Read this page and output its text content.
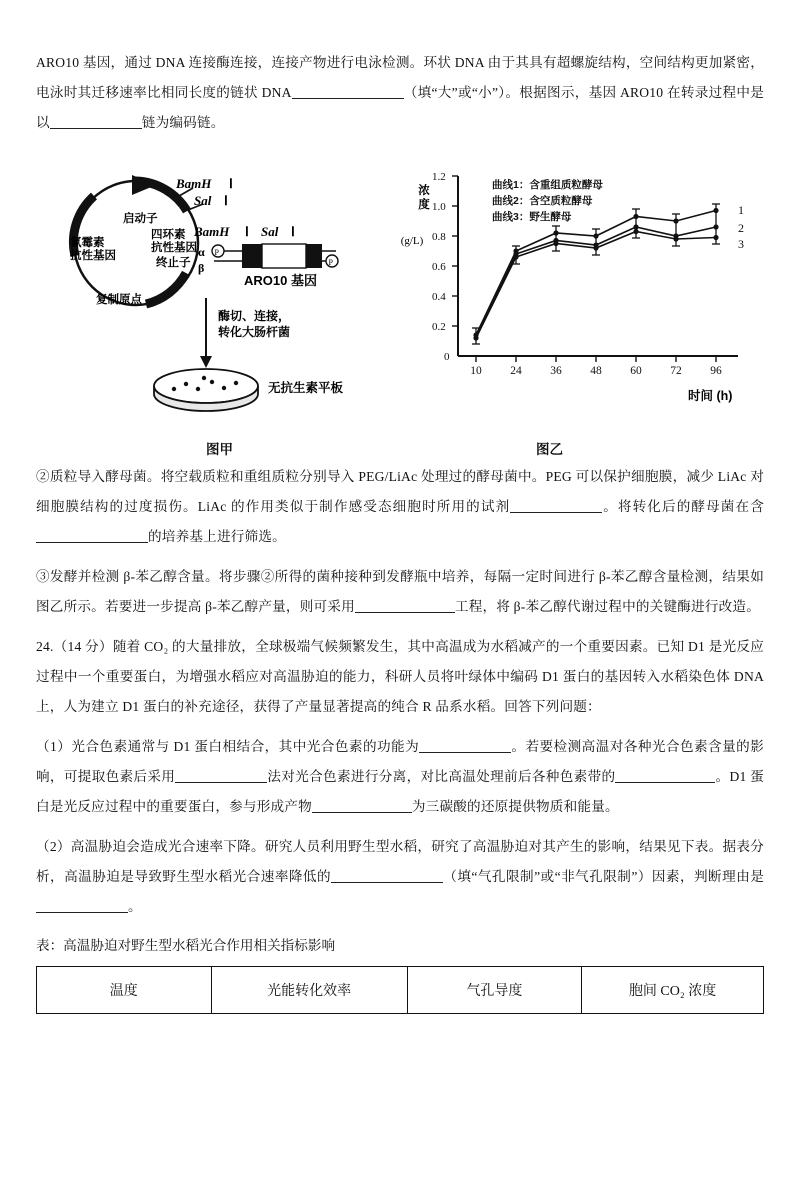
ARO10 基因，通过 DNA 连接酶连接，连接产物进行电泳检测。环状 DNA 由于其具有超螺旋结构，空间结构更加紧密，电泳时其迁移速率比相同长度的链状 DNA	（填“大”或“小”）。根据图示，基因 ARO10 在转录过程中是以	链为编码链。

BamH Ⅰ
Sal Ⅰ
启动子
四环素
抗性基因
终止子
氯霉素
抗性基因
复制原点
BamH Ⅰ Sal Ⅰ
α
β
P
P
ARO10 基因
酶切、连接，
转化大肠杆菌
无抗生素平板
图甲
1.2
1.0
0.8
0.6
0.4
0.2
0
浓
度
(g/L)
10 24 36 48 60 72 96
时间 (h)
曲线1：含重组质粒酵母
曲线2：含空质粒酵母
曲线3：野生酵母	1
2
3
图乙

②质粒导入酵母菌。将空载质粒和重组质粒分别导入 PEG/LiAc 处理过的酵母菌中。PEG 可以保护细胞膜，减少 LiAc 对细胞膜结构的过度损伤。LiAc 的作用类似于制作感受态细胞时所用的试剂	。将转化后的酵母菌在含的培养基上进行筛选。

③发酵并检测 β-苯乙醇含量。将步骤②所得的菌种接种到发酵瓶中培养，每隔一定时间进行 β-苯乙醇含量检测，结果如图乙所示。若要进一步提高 β-苯乙醇产量，则可采用	工程，将 β-苯乙醇代谢过程中的关键酶进行改造。

24.（14 分）随着 CO₂ 的大量排放，全球极端气候频繁发生，其中高温成为水稻减产的一个重要因素。已知 D1 是光反应过程中一个重要蛋白，为增强水稻应对高温胁迫的能力，科研人员将叶绿体中编码 D1 蛋白的基因转入水稻染色体 DNA 上，人为建立 D1 蛋白的补充途径，获得了产量显著提高的纯合 R 品系水稻。回答下列问题：

（1）光合色素通常与 D1 蛋白相结合，其中光合色素的功能为	。若要检测高温对各种光合色素含量的影响，可提取色素后采用	法对光合色素进行分离，对比高温处理前后各种色素带的	。D1 蛋白是光反应过程中的重要蛋白，参与形成产物	为三碳酸的还原提供物质和能量。

（2）高温胁迫会造成光合速率下降。研究人员利用野生型水稻，研究了高温胁迫对其产生的影响，结果见下表。据表分析，高温胁迫是导致野生型水稻光合速率降低的	（填“气孔限制”或“非气孔限制”）因素，判断理由是。

表：高温胁迫对野生型水稻光合作用相关指标影响
温度	光能转化效率	气孔导度	胞间 CO₂ 浓度
